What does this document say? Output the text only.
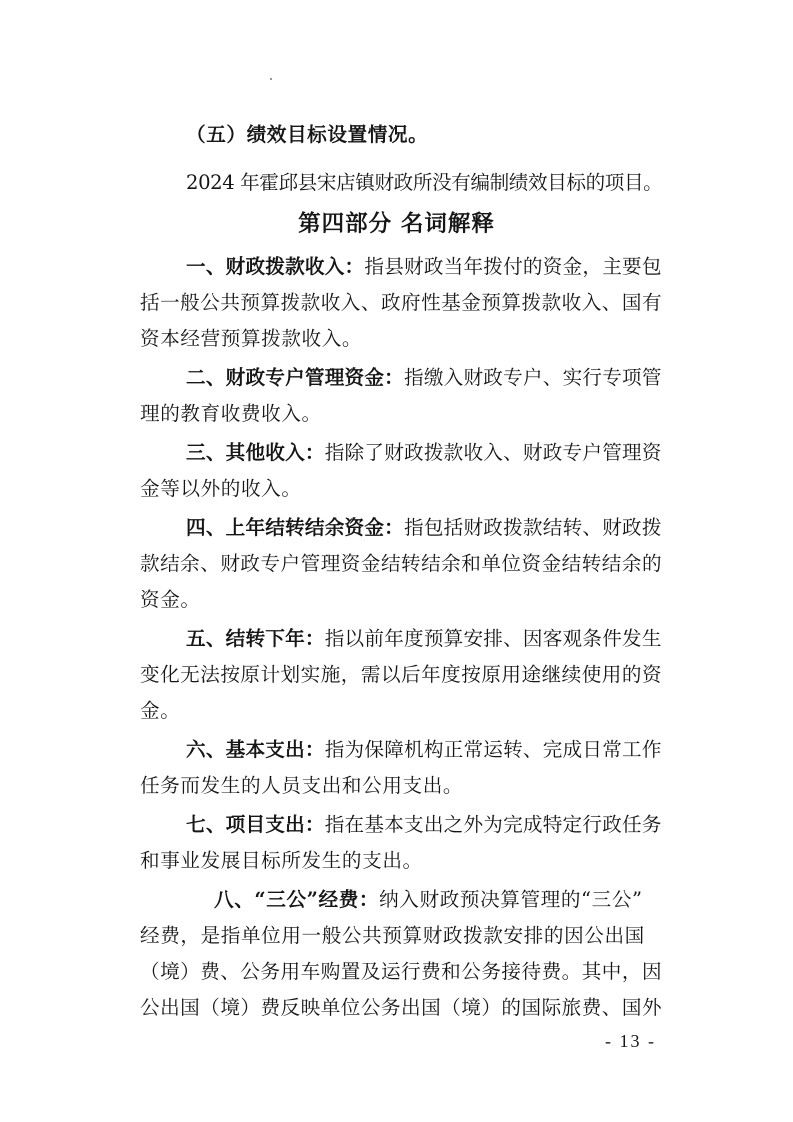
（五）绩效目标设置情况。
2024 年霍邱县宋店镇财政所没有编制绩效目标的项目。
第四部分 名词解释
一、财政拨款收入：指县财政当年拨付的资金，主要包
括一般公共预算拨款收入、政府性基金预算拨款收入、国有
资本经营预算拨款收入。
二、财政专户管理资金：指缴入财政专户、实行专项管
理的教育收费收入。
三、其他收入：指除了财政拨款收入、财政专户管理资
金等以外的收入。
四、上年结转结余资金：指包括财政拨款结转、财政拨
款结余、财政专户管理资金结转结余和单位资金结转结余的
资金。
五、结转下年：指以前年度预算安排、因客观条件发生
变化无法按原计划实施，需以后年度按原用途继续使用的资
金。
六、基本支出：指为保障机构正常运转、完成日常工作
任务而发生的人员支出和公用支出。
七、项目支出：指在基本支出之外为完成特定行政任务
和事业发展目标所发生的支出。
八、“三公”经费：纳入财政预决算管理的“三公”
经费，是指单位用一般公共预算财政拨款安排的因公出国
（境）费、公务用车购置及运行费和公务接待费。其中，因
公出国（境）费反映单位公务出国（境）的国际旅费、国外
- 13 -
